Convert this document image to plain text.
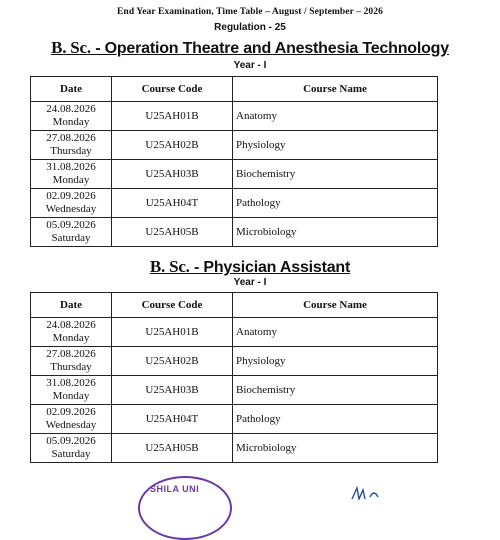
End Year Examination, Time Table – August / September – 2026
Regulation - 25
B. Sc. - Operation Theatre and Anesthesia Technology
Year - I
Date	Course Code	Course Name
24.08.2026
Monday	U25AH01B	Anatomy
27.08.2026
Thursday	U25AH02B	Physiology
31.08.2026
Monday	U25AH03B	Biochemistry
02.09.2026
Wednesday	U25AH04T	Pathology
05.09.2026
Saturday	U25AH05B	Microbiology
B. Sc. - Physician Assistant
Year - I
Date	Course Code	Course Name
24.08.2026
Monday	U25AH01B	Anatomy
27.08.2026
Thursday	U25AH02B	Physiology
31.08.2026
Monday	U25AH03B	Biochemistry
02.09.2026
Wednesday	U25AH04T	Pathology
05.09.2026
Saturday	U25AH05B	Microbiology
SHILA UNI
